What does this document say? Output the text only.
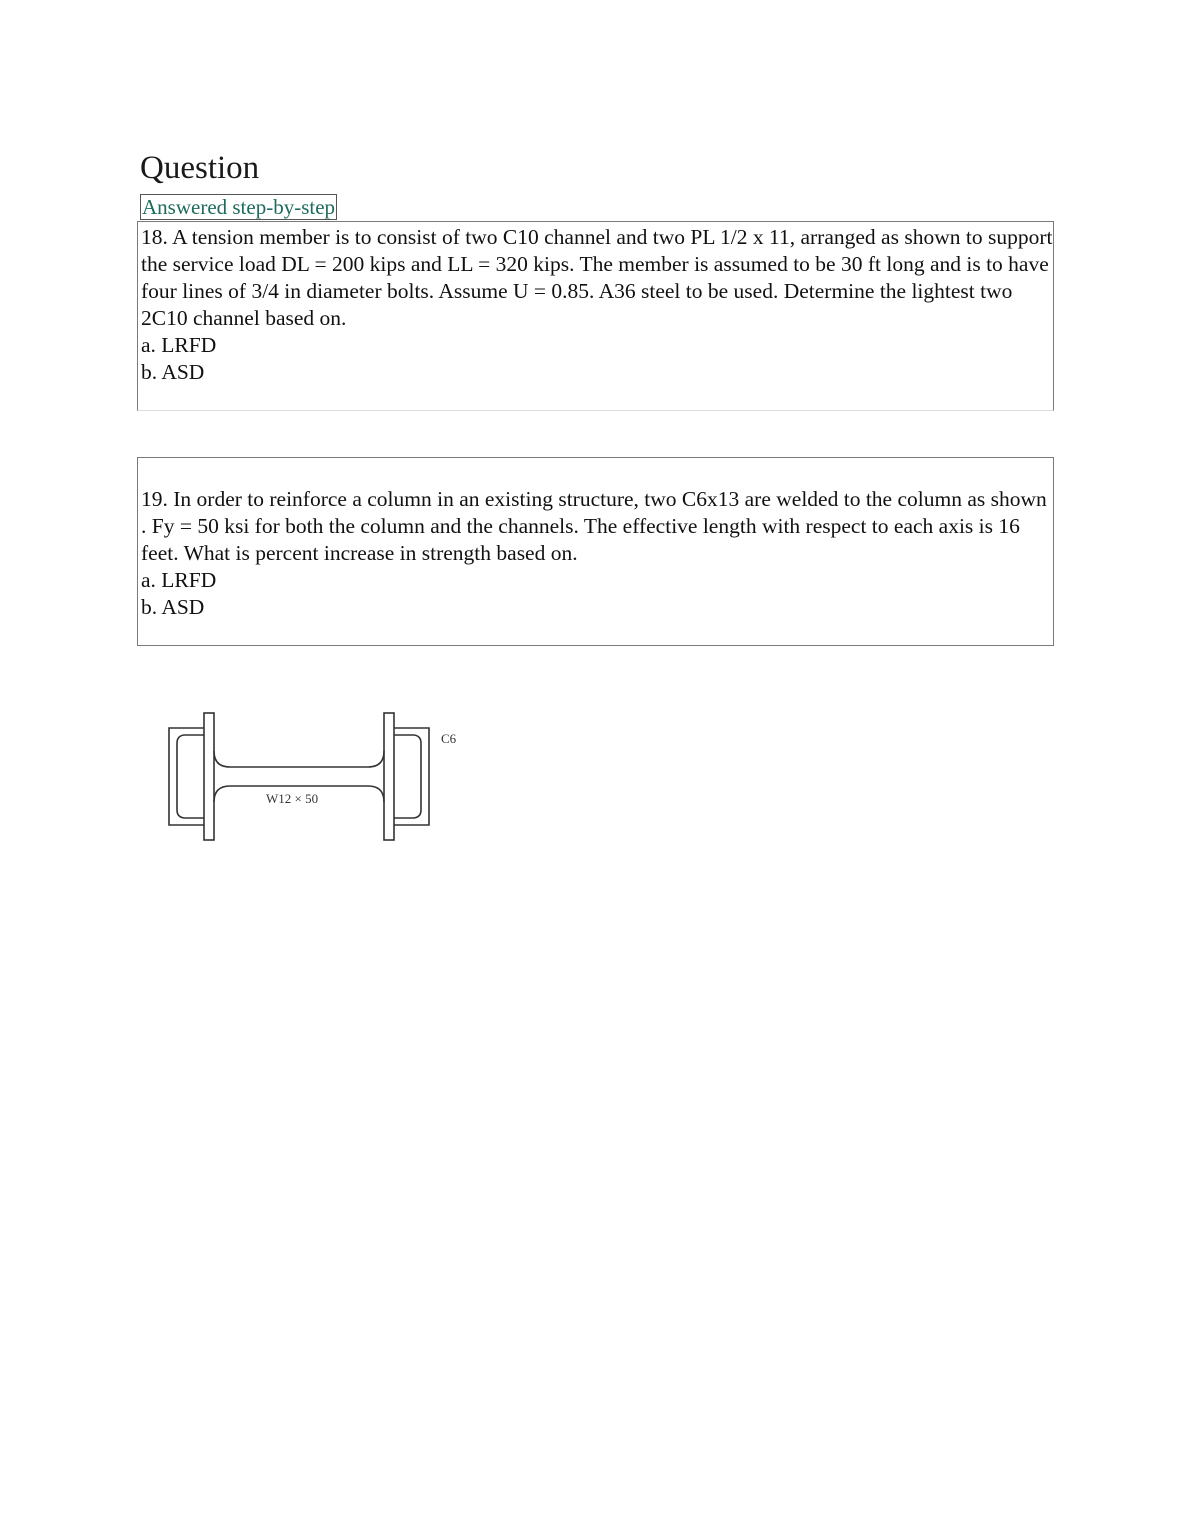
Question
Answered step-by-step

18. A tension member is to consist of two C10 channel and two PL 1/2 x 11, arranged as shown to support the service load DL = 200 kips and LL = 320 kips. The member is assumed to be 30 ft long and is to have four lines of 3/4 in diameter bolts. Assume U = 0.85. A36 steel to be used. Determine the lightest two 2C10 channel based on.

a. LRFD

b. ASD

19. In order to reinforce a column in an existing structure, two C6x13 are welded to the column as shown . Fy = 50 ksi for both the column and the channels. The effective length with respect to each axis is 16 feet. What is percent increase in strength based on.

a. LRFD

b. ASD

C6
W12 × 50
